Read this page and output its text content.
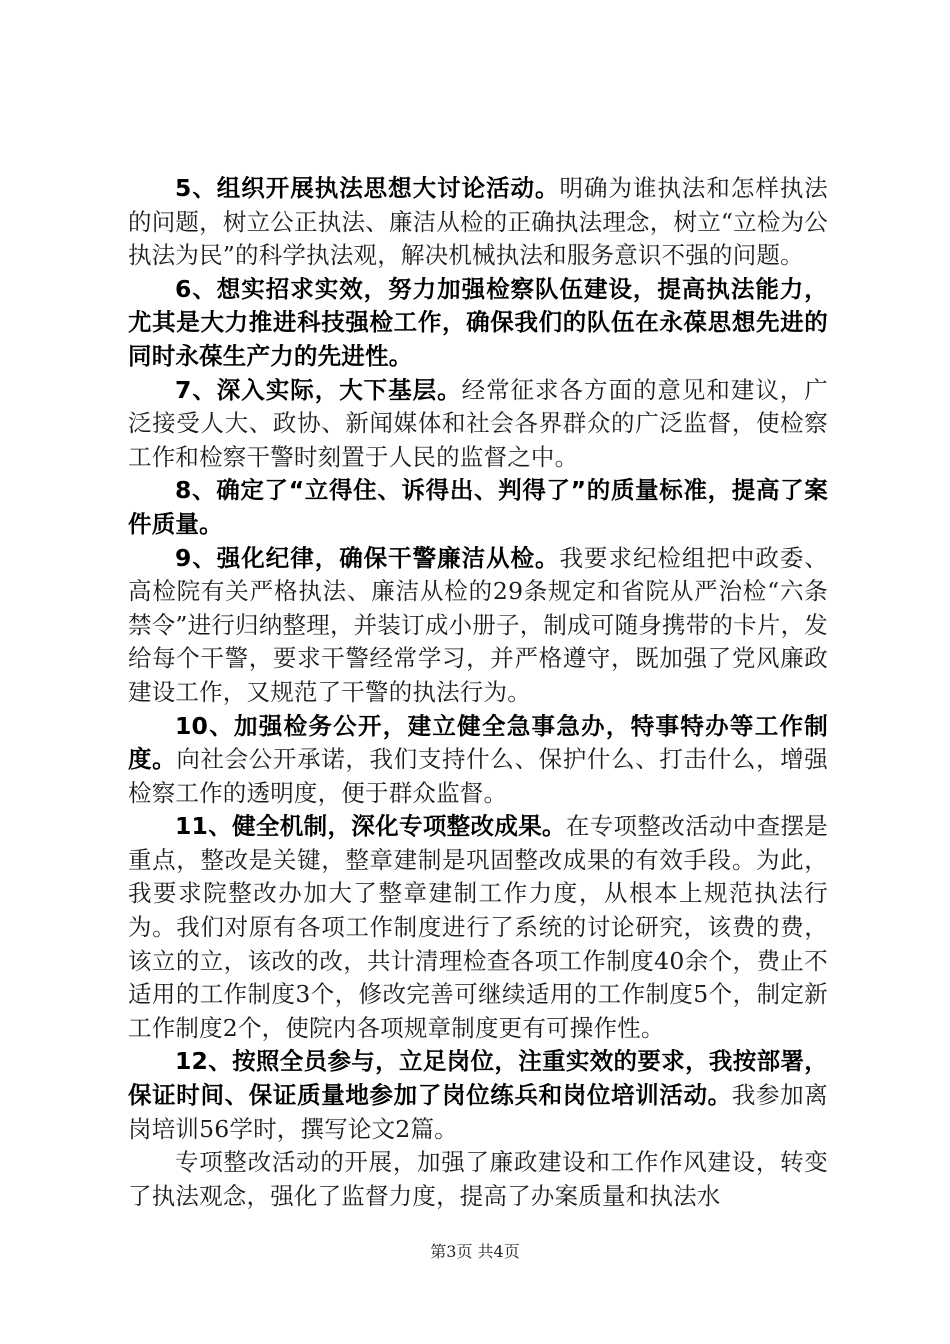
5、组织开展执法思想大讨论活动。明确为谁执法和怎样执法的问题，树立公正执法、廉洁从检的正确执法理念，树立“立检为公执法为民”的科学执法观，解决机械执法和服务意识不强的问题。

6、想实招求实效，努力加强检察队伍建设，提高执法能力，尤其是大力推进科技强检工作，确保我们的队伍在永葆思想先进的同时永葆生产力的先进性。

7、深入实际，大下基层。经常征求各方面的意见和建议，广泛接受人大、政协、新闻媒体和社会各界群众的广泛监督，使检察工作和检察干警时刻置于人民的监督之中。

8、确定了“立得住、诉得出、判得了”的质量标准，提高了案件质量。

9、强化纪律，确保干警廉洁从检。我要求纪检组把中政委、高检院有关严格执法、廉洁从检的29条规定和省院从严治检“六条禁令”进行归纳整理，并装订成小册子，制成可随身携带的卡片，发给每个干警，要求干警经常学习，并严格遵守，既加强了党风廉政建设工作，又规范了干警的执法行为。

10、加强检务公开，建立健全急事急办，特事特办等工作制度。向社会公开承诺，我们支持什么、保护什么、打击什么，增强检察工作的透明度，便于群众监督。

11、健全机制，深化专项整改成果。在专项整改活动中查摆是重点，整改是关键，整章建制是巩固整改成果的有效手段。为此，我要求院整改办加大了整章建制工作力度，从根本上规范执法行为。我们对原有各项工作制度进行了系统的讨论研究，该费的费，该立的立，该改的改，共计清理检查各项工作制度40余个，费止不适用的工作制度3个，修改完善可继续适用的工作制度5个，制定新工作制度2个，使院内各项规章制度更有可操作性。

12、按照全员参与，立足岗位，注重实效的要求，我按部署，保证时间、保证质量地参加了岗位练兵和岗位培训活动。我参加离岗培训56学时，撰写论文2篇。

专项整改活动的开展，加强了廉政建设和工作作风建设，转变了执法观念，强化了监督力度，提高了办案质量和执法水

第3页 共4页
